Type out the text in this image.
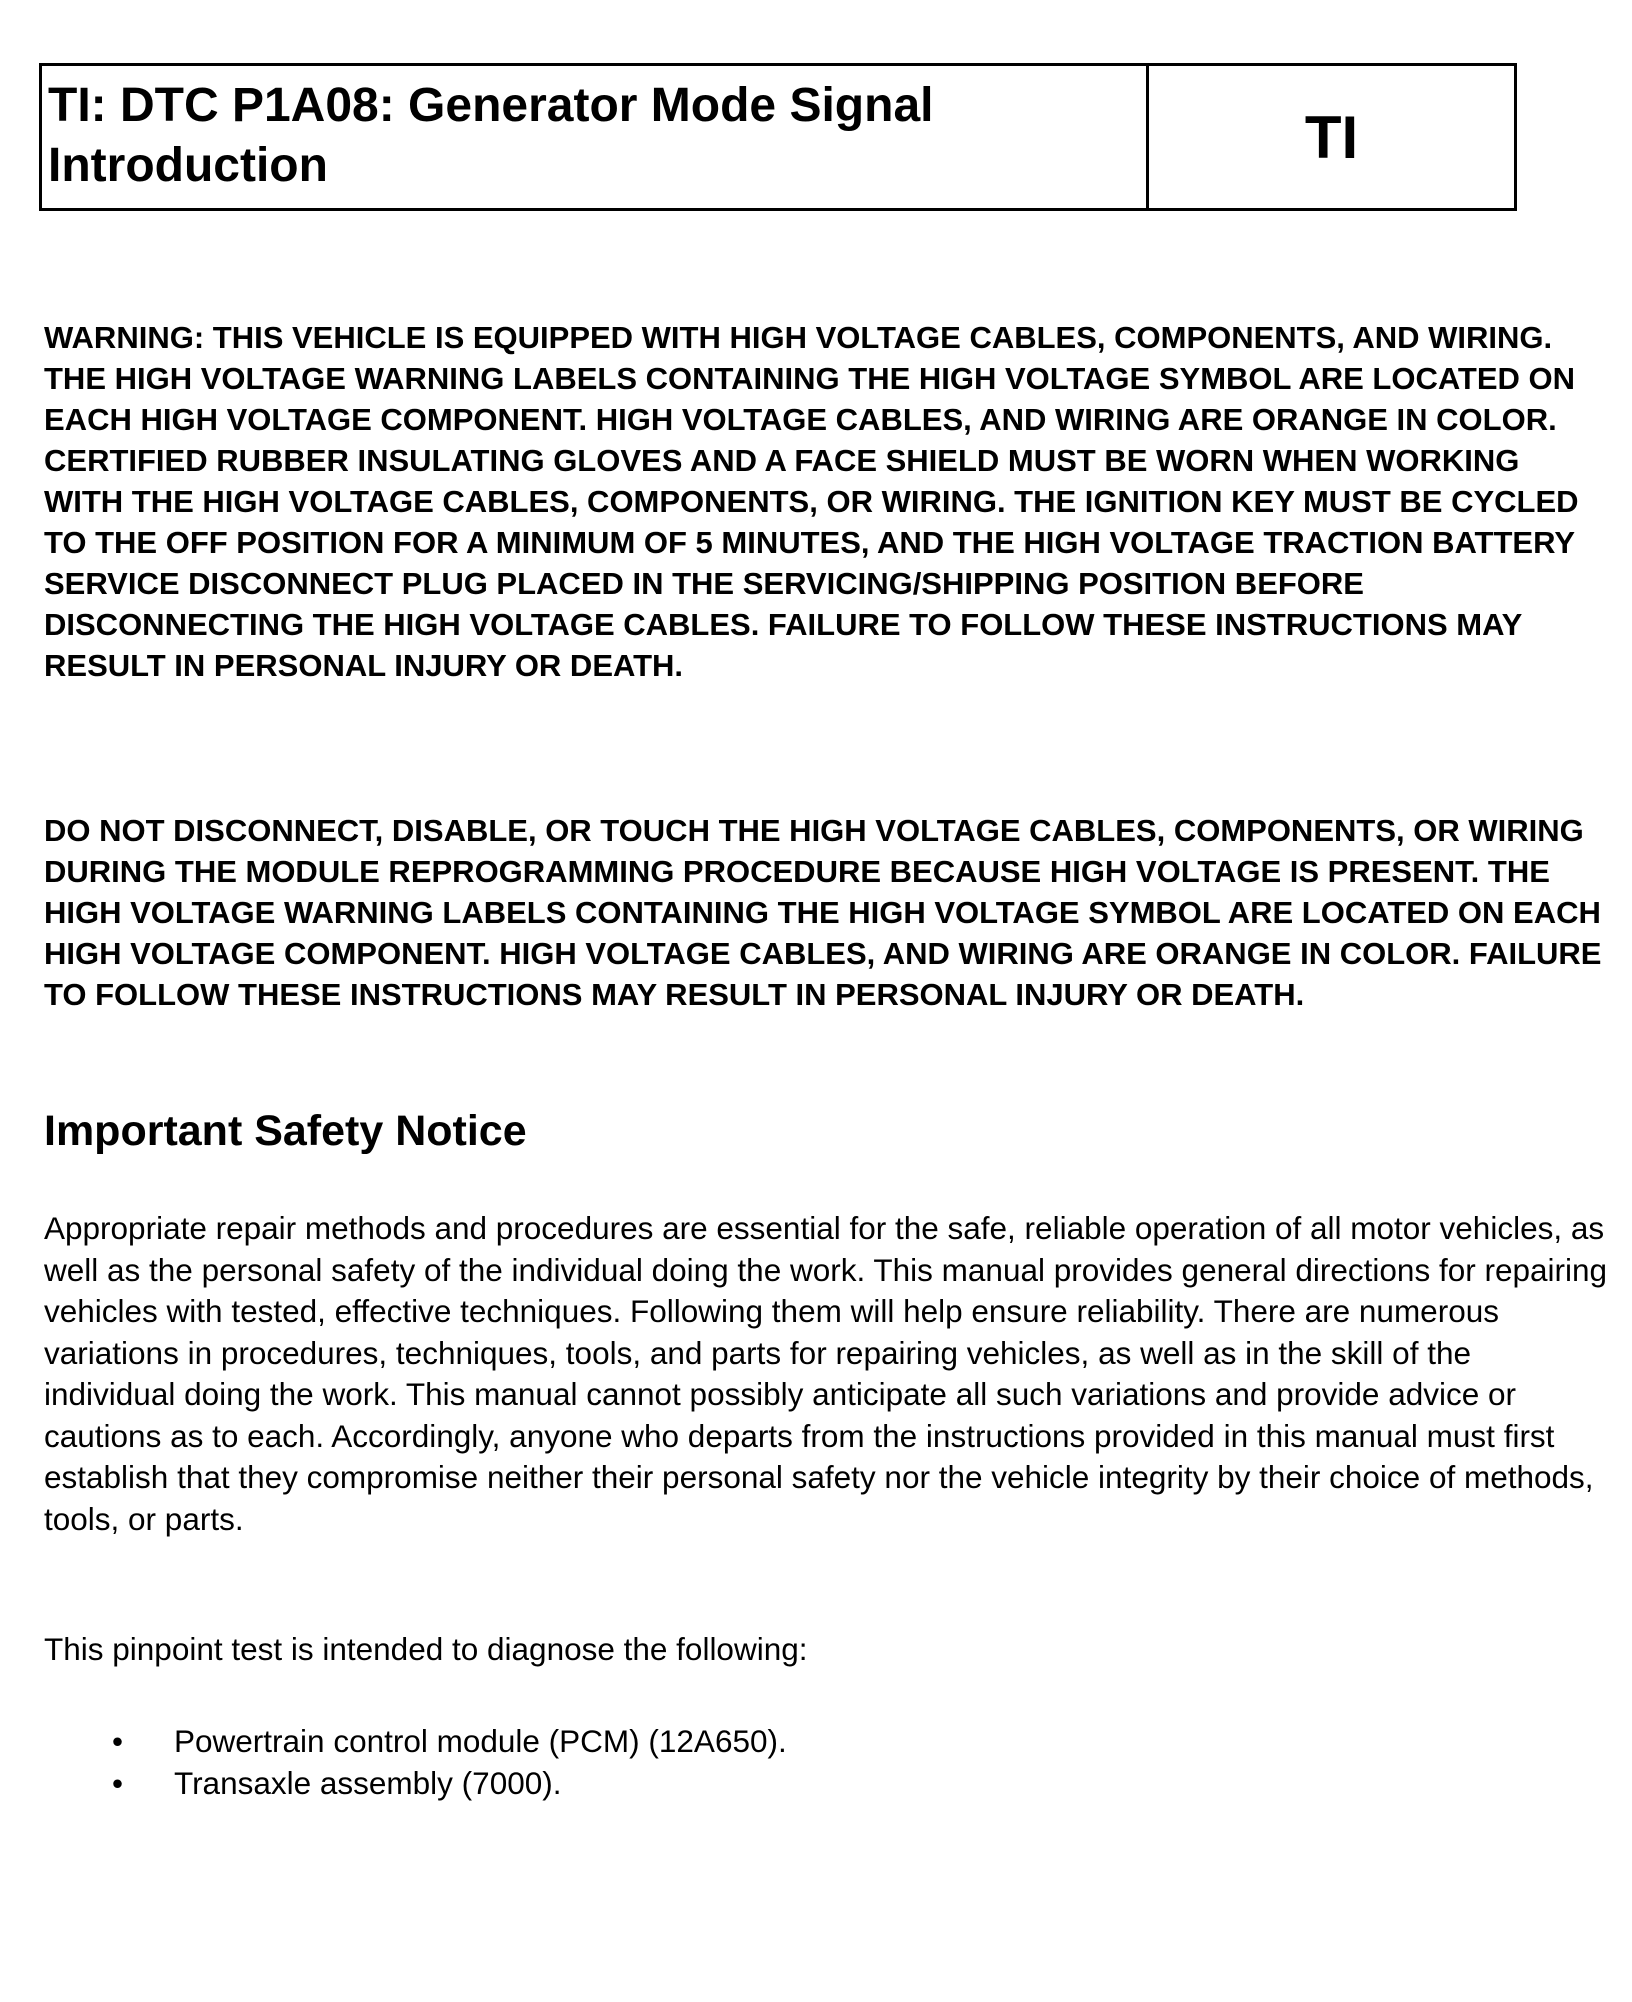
TI: DTC P1A08: Generator Mode Signal Introduction	TI

WARNING: THIS VEHICLE IS EQUIPPED WITH HIGH VOLTAGE CABLES, COMPONENTS, AND WIRING. THE HIGH VOLTAGE WARNING LABELS CONTAINING THE HIGH VOLTAGE SYMBOL ARE LOCATED ON EACH HIGH VOLTAGE COMPONENT. HIGH VOLTAGE CABLES, AND WIRING ARE ORANGE IN COLOR. CERTIFIED RUBBER INSULATING GLOVES AND A FACE SHIELD MUST BE WORN WHEN WORKING WITH THE HIGH VOLTAGE CABLES, COMPONENTS, OR WIRING. THE IGNITION KEY MUST BE CYCLED TO THE OFF POSITION FOR A MINIMUM OF 5 MINUTES, AND THE HIGH VOLTAGE TRACTION BATTERY SERVICE DISCONNECT PLUG PLACED IN THE SERVICING/SHIPPING POSITION BEFORE DISCONNECTING THE HIGH VOLTAGE CABLES. FAILURE TO FOLLOW THESE INSTRUCTIONS MAY RESULT IN PERSONAL INJURY OR DEATH.

DO NOT DISCONNECT, DISABLE, OR TOUCH THE HIGH VOLTAGE CABLES, COMPONENTS, OR WIRING DURING THE MODULE REPROGRAMMING PROCEDURE BECAUSE HIGH VOLTAGE IS PRESENT. THE HIGH VOLTAGE WARNING LABELS CONTAINING THE HIGH VOLTAGE SYMBOL ARE LOCATED ON EACH HIGH VOLTAGE COMPONENT. HIGH VOLTAGE CABLES, AND WIRING ARE ORANGE IN COLOR. FAILURE TO FOLLOW THESE INSTRUCTIONS MAY RESULT IN PERSONAL INJURY OR DEATH.

Important Safety Notice

Appropriate repair methods and procedures are essential for the safe, reliable operation of all motor vehicles, as well as the personal safety of the individual doing the work. This manual provides general directions for repairing vehicles with tested, effective techniques. Following them will help ensure reliability. There are numerous variations in procedures, techniques, tools, and parts for repairing vehicles, as well as in the skill of the individual doing the work. This manual cannot possibly anticipate all such variations and provide advice or cautions as to each. Accordingly, anyone who departs from the instructions provided in this manual must first establish that they compromise neither their personal safety nor the vehicle integrity by their choice of methods, tools, or parts.

This pinpoint test is intended to diagnose the following:

•	Powertrain control module (PCM) (12A650).
•	Transaxle assembly (7000).
